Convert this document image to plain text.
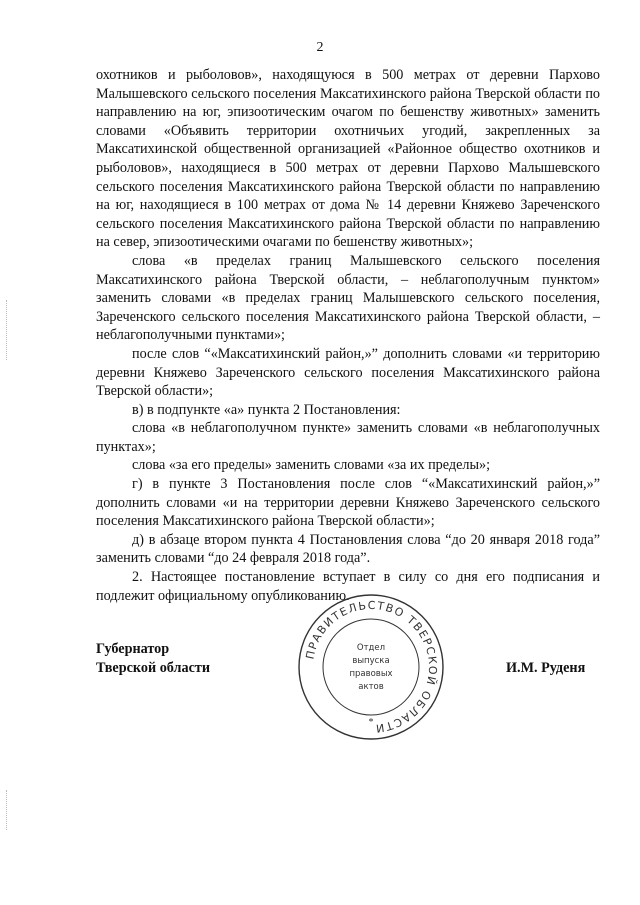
2

охотников и рыболовов», находящуюся в 500 метрах от деревни Пархово Малышевского сельского поселения Максатихинского района Тверской области по направлению на юг, эпизоотическим очагом по бешенству животных» заменить словами «Объявить территории охотничьих угодий, закрепленных за Максатихинской общественной организацией «Районное общество охотников и рыболовов», находящиеся в 500 метрах от деревни Пархово Малышевского сельского поселения Максатихинского района Тверской области по направлению на юг, находящиеся в 100 метрах от дома № 14 деревни Княжево Зареченского сельского поселения Максатихинского района Тверской области по направлению на север, эпизоотическими очагами по бешенству животных»;

слова «в пределах границ Малышевского сельского поселения Максатихинского района Тверской области, – неблагополучным пунктом» заменить словами «в пределах границ Малышевского сельского поселения, Зареченского сельского поселения Максатихинского района Тверской области, – неблагополучными пунктами»;

после слов “«Максатихинский район,»” дополнить словами «и территорию деревни Княжево Зареченского сельского поселения Максатихинского района Тверской области»;

в) в подпункте «а» пункта 2 Постановления:

слова «в неблагополучном пункте» заменить словами «в неблагополучных пунктах»;

слова «за его пределы» заменить словами «за их пределы»;

г) в пункте 3 Постановления после слов “«Максатихинский район,»” дополнить словами «и на территории деревни Княжево Зареченского сельского поселения Максатихинского района Тверской области»;

д) в абзаце втором пункта 4 Постановления слова “до 20 января 2018 года” заменить словами “до 24 февраля 2018 года”.

2. Настоящее постановление вступает в силу со дня его подписания и подлежит официальному опубликованию.

Губернатор
Тверской области	И.М. Руденя
ПРАВИТЕЛЬСТВО ТВЕРСКОЙ ОБЛАСТИ
Отдел
выпуска
правовых
актов
*
